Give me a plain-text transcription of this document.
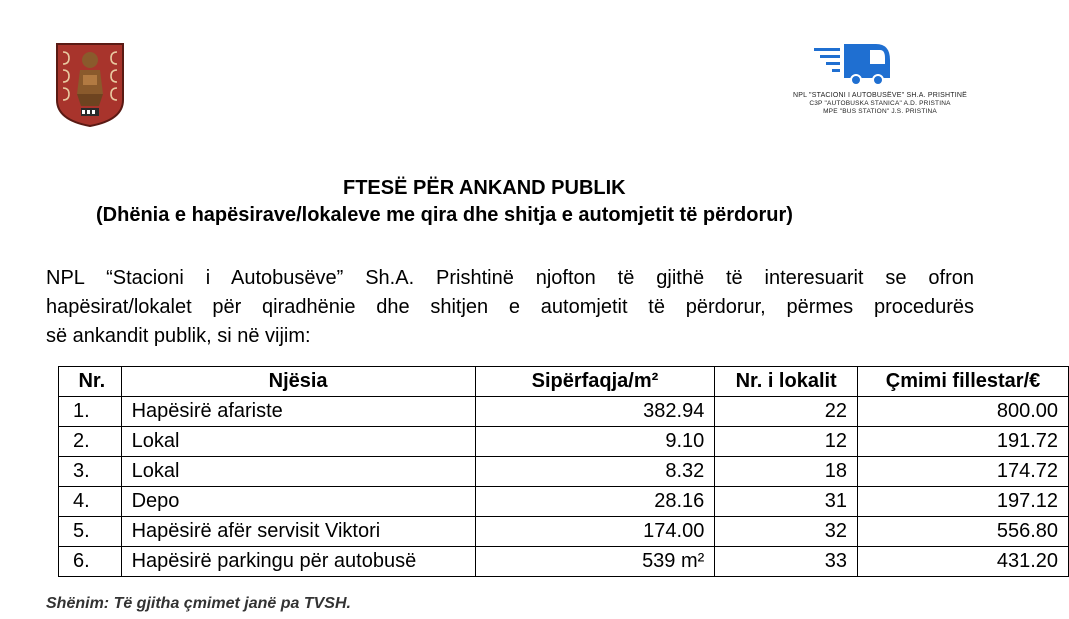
NPL "STACIONI I AUTOBUSËVE" SH.A. PRISHTINË
C3P "AUTOBUSKA STANICA" A.D. PRISTINA
MPE "BUS STATION" J.S. PRISTINA
FTESË PËR ANKAND PUBLIK
(Dhënia e hapësirave/lokaleve me qira dhe shitja e automjetit të përdorur)

NPL “Stacioni i Autobusëve” Sh.A. Prishtinë njofton të gjithë të interesuarit se ofron

hapësirat/lokalet për qiradhënie dhe shitjen e automjetit të përdorur, përmes procedurës

së ankandit publik, si në vijim:

Nr.	Njësia	Sipërfaqja/m²	Nr. i lokalit	Çmimi fillestar/€
1.	Hapësirë afariste	382.94	22	800.00
2.	Lokal	9.10	12	191.72
3.	Lokal	8.32	18	174.72
4.	Depo	28.16	31	197.12
5.	Hapësirë afër servisit Viktori	174.00	32	556.80
6.	Hapësirë parkingu për autobusë	539 m²	33	431.20
Shënim: Të gjitha çmimet janë pa TVSH.
